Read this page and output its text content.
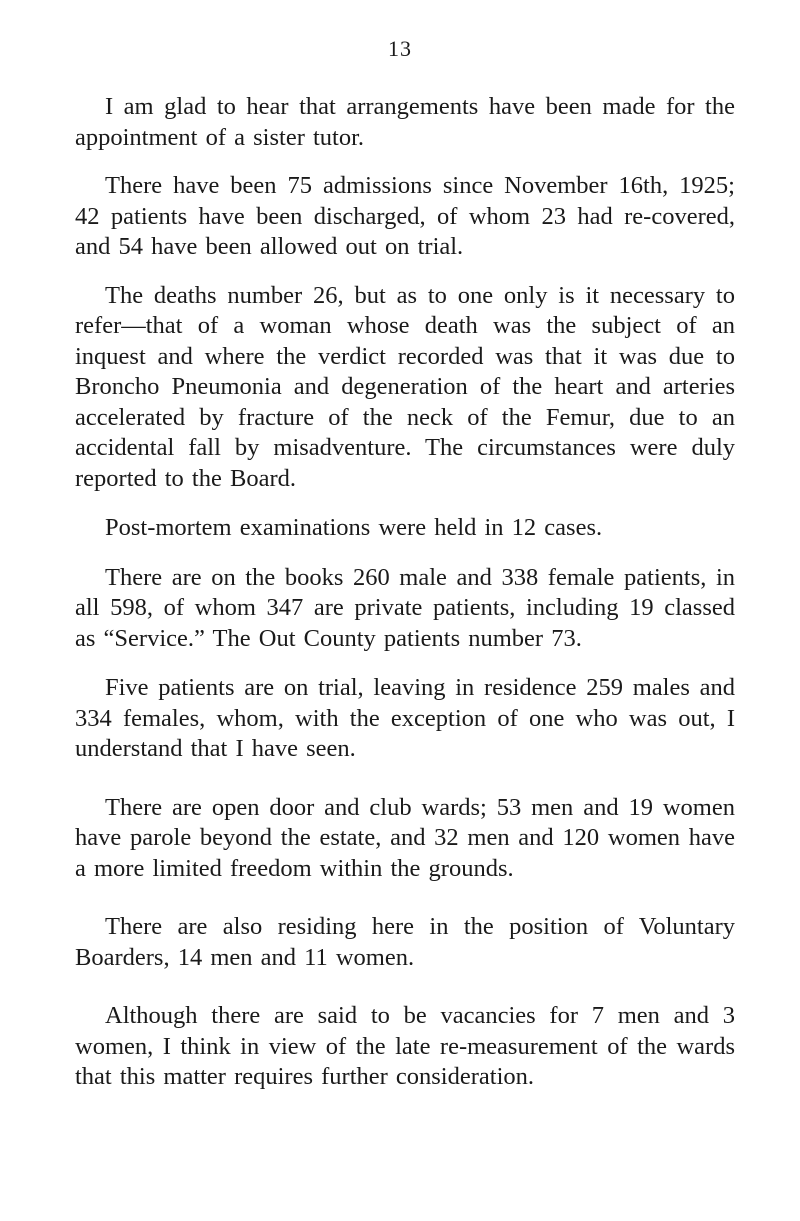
13

I am glad to hear that arrangements have been made for the appointment of a sister tutor.

There have been 75 admissions since November 16th, 1925; 42 patients have been discharged, of whom 23 had re-covered, and 54 have been allowed out on trial.

The deaths number 26, but as to one only is it necessary to refer—that of a woman whose death was the subject of an inquest and where the verdict recorded was that it was due to Broncho Pneumonia and degeneration of the heart and arteries accelerated by fracture of the neck of the Femur, due to an accidental fall by misadventure. The circumstances were duly reported to the Board.

Post-mortem examinations were held in 12 cases.

There are on the books 260 male and 338 female patients, in all 598, of whom 347 are private patients, including 19 classed as “Service.” The Out County patients number 73.

Five patients are on trial, leaving in residence 259 males and 334 females, whom, with the exception of one who was out, I understand that I have seen.

There are open door and club wards; 53 men and 19 women have parole beyond the estate, and 32 men and 120 women have a more limited freedom within the grounds.

There are also residing here in the position of Voluntary Boarders, 14 men and 11 women.

Although there are said to be vacancies for 7 men and 3 women, I think in view of the late re-measurement of the wards that this matter requires further consideration.
